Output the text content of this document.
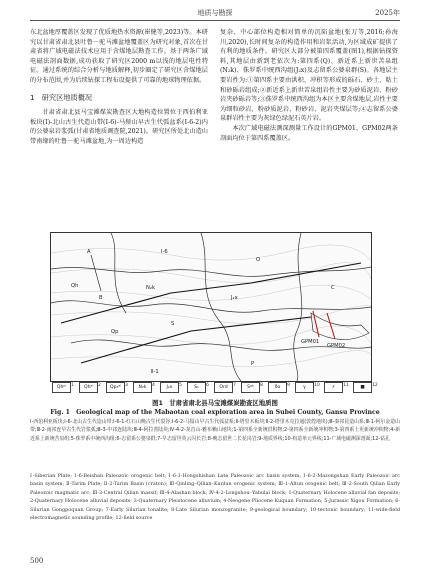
地质与勘探	2025年

东北盆地厚覆盖区发现了优质地热水资源(崔健等,2023)等。本研究以甘肃省肃北县吐鲁－驼马滩盆地覆盖区为研究对象,首次在甘肃省将广域电磁法技术应用于含煤地层勘查工作。基于两条广域电磁法剖面数据,成功获取了研究区2000 m以浅的地层电性特征。通过系统的综合分析与地质解释,初步圈定了研究区含煤地层的分布范围,并为后续钻探工程布设提供了可靠的地球物理依据。

1　研究区地质概况

甘肃省肃北县马宝滩煤炭勘查区大地构造位置位于西伯利亚板块(Ⅰ)-北山古生代造山带(Ⅰ-6)-马鬃山早古生代弧盆系(Ⅰ-6-2)内的公婆泉岩浆弧(甘肃省地质调查院,2021)。研究区所处北山造山带南缘的吐鲁－驼马滩盆地,为一周边构造

复杂、中心部位构造相对简单的沉陷盆地(张万等,2016;孙海川,2020),长时间复杂的构造作用和岩浆活动,为区域成矿提供了有利的地质条件。研究区大部分被第四系覆盖(图1),根据钻探资料,其地层由新到老依次为:第四系(Q)、新近系上新世苦泉组(N₂k)、侏罗系中统西沟组(J₂x)及志留系公婆泉群(S)。各地层主要岩性为:①第四系主要由洪积、冲积等形成的砾石、砂土、粘土和砂砾岩组成;②新近系上新世苦泉组岩性主要为砂质泥岩、粉砂岩夹砂砾岩等;③侏罗系中统西沟组为本区主要含煤地层,岩性主要为细粒砂岩、粉砂质泥岩、粉砂岩、泥岩夹煤层等;④志留系公婆泉群岩性主要为灰绿色绿泥石英片岩。

本次广域电磁法测深测量工作设计的GPM01、GPM02两条剖面均位于第四系覆盖区。

A
B
GPM01
GPM02
Qh	N₂k
J₂x
S
Qp
O
C
P
Ⅰ-6
Ⅱ-1
Qhᵖˡ	1	Qhᵃˡ	2	Qp₃ᵃˡ 3	N₂k	4	J₂x	5	S₁	6	Ord	7	Sᵍᵇ	8	δo	9	γ	10	⚡	11	■	12
图1　甘肃省肃北县马宝滩煤炭勘查区地质图
Fig. 1　Geological map of the Mabaotan coal exploration area in Subei County, Gansu Province
Ⅰ-西伯利亚板块;Ⅰ-6-北山古生代造山带;Ⅰ-6-1-红石山晚古生代裂谷;Ⅰ-6-2-马鬃山早古生代弧盆系;Ⅱ-塔里木板块;Ⅱ-2-塔里木克拉通(敦煌地块);Ⅲ-秦祁昆造山系;Ⅲ-1-阿尔金造山带;Ⅲ-2-南祁连早古生代岩浆弧;Ⅲ-3-中祁连陆块;Ⅲ-4-阿拉善陆块;Ⅳ-4-2-龙首山-雅布赖山地块;1-第四系全新统洪积物;2-第四系全新统冲积物;3-第四系上更新统冲积物;4-新近系上新统苦泉组;5-侏罗系中统西沟组;6-志留系公婆泉群;7-早志留世英云闪长岩;8-晚志留世二长花岗岩;9-地质界线;10-构造单元界线;11-广域电磁测深剖面;12-钻孔
Ⅰ-Siberian Plate; Ⅰ-6-Beishan Paleozoic orogenic belt; Ⅰ-6-1-Hongshishan Late Paleozoic arc basin system; Ⅰ-6-2-Mazongshan Early Paleozoic arc basin system; Ⅱ-Tarim Plate; Ⅱ-2-Tarim Basin (craton); Ⅲ-Qinling–Qilian–Kunlun orogenic system; Ⅲ-1-Altun orogenic belt; Ⅲ-2-South Qilian Early Paleozoic magmatic arc; Ⅲ-3-Central Qilian massif; Ⅲ-4-Alashan block; Ⅳ-4-2-Longshou–Yabulai block; 1-Quaternary Holocene alluvial fan deposits; 2-Quaternary Holocene alluvial deposits; 3-Quaternary Pleistocene alluvium; 4-Neogene Pliocene Kuquan Formation; 5-Jurassic Xigou Formation; 6-Silurian Gongpoquan Group; 7-Early Silurian tonalite; 8-Late Silurian monzogranite; 9-geological boundary; 10-tectonic boundary; 11-wide-field electromagnetic sounding profile; 12-field source
500
